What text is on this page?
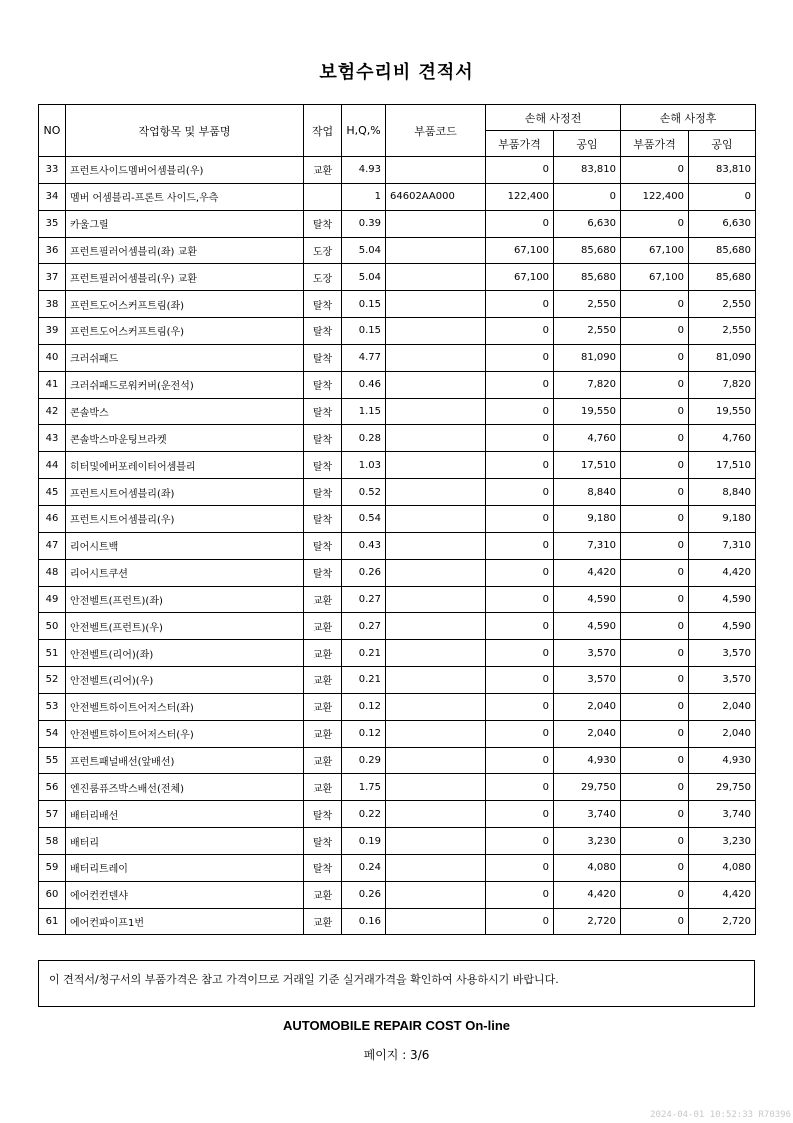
보험수리비 견적서
NO	작업항목 및 부품명	작업	H,Q,%	부품코드	손해 사정전		손해 사정후	
					부품가격	공임	부품가격	공임
33	프런트사이드멤버어셈블리(우)	교환	4.93		0	83,810	0	83,810
34	멤버 어셈블리-프론트 사이드,우측		1	64602AA000	122,400	0	122,400	0
35	카울그릴	탈착	0.39		0	6,630	0	6,630
36	프런트필러어셈블리(좌) 교환	도장	5.04		67,100	85,680	67,100	85,680
37	프런트필러어셈블리(우) 교환	도장	5.04		67,100	85,680	67,100	85,680
38	프런트도어스커프트림(좌)	탈착	0.15		0	2,550	0	2,550
39	프런트도어스커프트림(우)	탈착	0.15		0	2,550	0	2,550
40	크러쉬패드	탈착	4.77		0	81,090	0	81,090
41	크러쉬패드로워커버(운전석)	탈착	0.46		0	7,820	0	7,820
42	콘솔박스	탈착	1.15		0	19,550	0	19,550
43	콘솔박스마운팅브라켓	탈착	0.28		0	4,760	0	4,760
44	히터및에버포레이터어셈블리	탈착	1.03		0	17,510	0	17,510
45	프런트시트어셈블리(좌)	탈착	0.52		0	8,840	0	8,840
46	프런트시트어셈블리(우)	탈착	0.54		0	9,180	0	9,180
47	리어시트백	탈착	0.43		0	7,310	0	7,310
48	리어시트쿠션	탈착	0.26		0	4,420	0	4,420
49	안전벨트(프런트)(좌)	교환	0.27		0	4,590	0	4,590
50	안전벨트(프런트)(우)	교환	0.27		0	4,590	0	4,590
51	안전벨트(리어)(좌)	교환	0.21		0	3,570	0	3,570
52	안전벨트(리어)(우)	교환	0.21		0	3,570	0	3,570
53	안전벨트하이트어저스터(좌)	교환	0.12		0	2,040	0	2,040
54	안전벨트하이트어저스터(우)	교환	0.12		0	2,040	0	2,040
55	프런트패널배선(앞배선)	교환	0.29		0	4,930	0	4,930
56	엔진룸퓨즈박스배선(전체)	교환	1.75		0	29,750	0	29,750
57	배터리배선	탈착	0.22		0	3,740	0	3,740
58	배터리	탈착	0.19		0	3,230	0	3,230
59	배터리트레이	탈착	0.24		0	4,080	0	4,080
60	에어컨컨덴샤	교환	0.26		0	4,420	0	4,420
61	에어컨파이프1번	교환	0.16		0	2,720	0	2,720
이 견적서/청구서의 부품가격은 참고 가격이므로 거래일 기준 실거래가격을 확인하여 사용하시기 바랍니다.
AUTOMOBILE REPAIR COST On-line
페이지 : 3/6
2024-04-01 10:52:33 R70396
